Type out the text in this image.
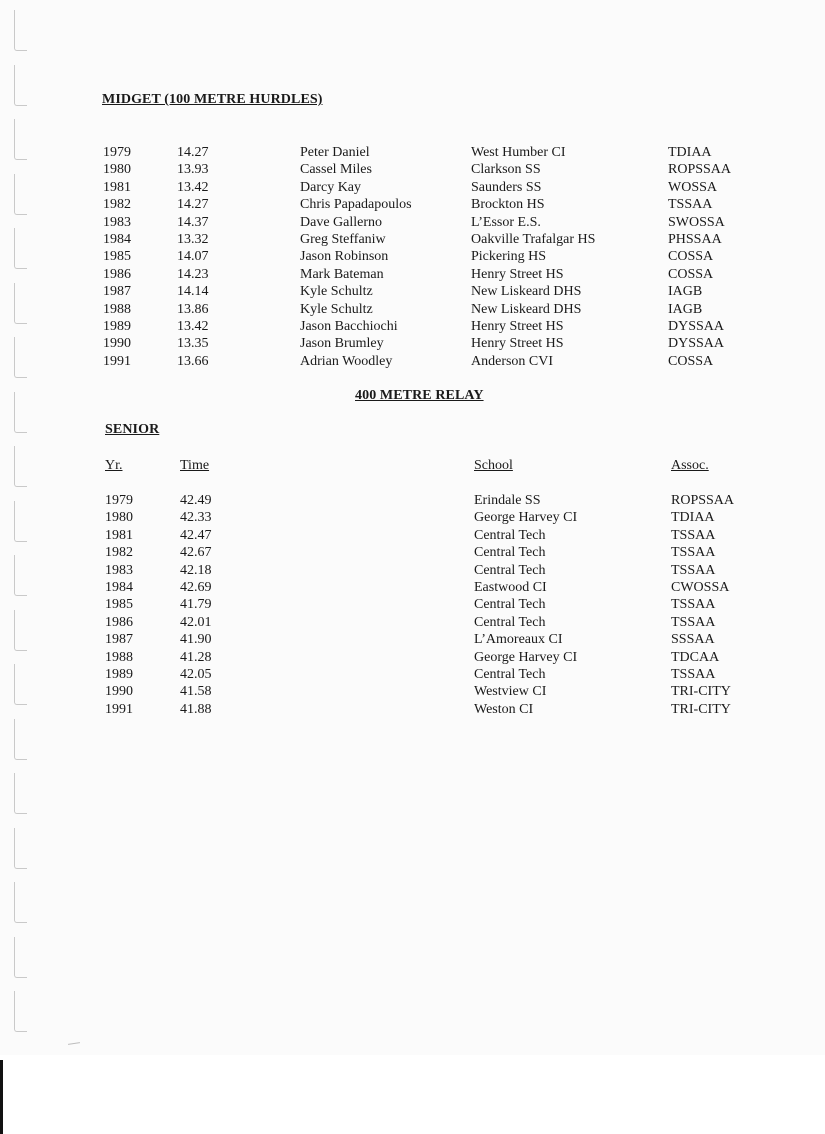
MIDGET (100 METRE HURDLES)
1979	14.27	Peter Daniel	West Humber CI	TDIAA
1980	13.93	Cassel Miles	Clarkson SS	ROPSSAA
1981	13.42	Darcy Kay	Saunders SS	WOSSA
1982	14.27	Chris Papadapoulos	Brockton HS	TSSAA
1983	14.37	Dave Gallerno	L’Essor E.S.	SWOSSA
1984	13.32	Greg Steffaniw	Oakville Trafalgar HS	PHSSAA
1985	14.07	Jason Robinson	Pickering HS	COSSA
1986	14.23	Mark Bateman	Henry Street HS	COSSA
1987	14.14	Kyle Schultz	New Liskeard DHS	IAGB
1988	13.86	Kyle Schultz	New Liskeard DHS	IAGB
1989	13.42	Jason Bacchiochi	Henry Street HS	DYSSAA
1990	13.35	Jason Brumley	Henry Street HS	DYSSAA
1991	13.66	Adrian Woodley	Anderson CVI	COSSA
400 METRE RELAY
SENIOR
Yr.	Time	School	Assoc.
1979	42.49	Erindale SS	ROPSSAA
1980	42.33	George Harvey CI	TDIAA
1981	42.47	Central Tech	TSSAA
1982	42.67	Central Tech	TSSAA
1983	42.18	Central Tech	TSSAA
1984	42.69	Eastwood CI	CWOSSA
1985	41.79	Central Tech	TSSAA
1986	42.01	Central Tech	TSSAA
1987	41.90	L’Amoreaux CI	SSSAA
1988	41.28	George Harvey CI	TDCAA
1989	42.05	Central Tech	TSSAA
1990	41.58	Westview CI	TRI-CITY
1991	41.88	Weston CI	TRI-CITY
